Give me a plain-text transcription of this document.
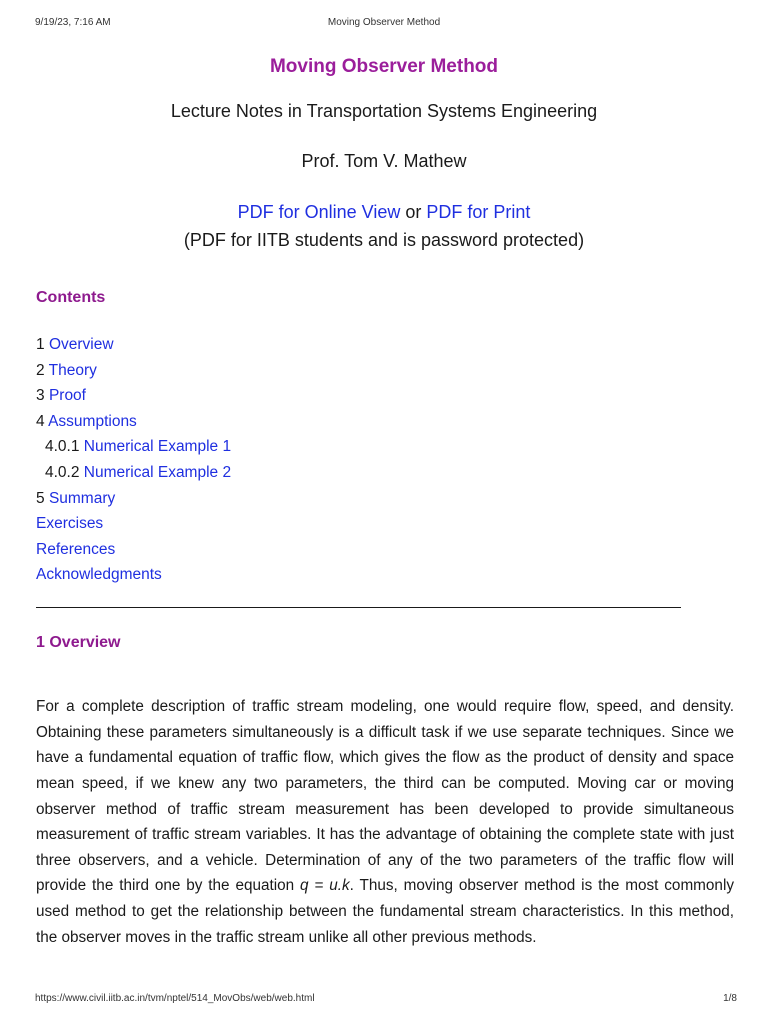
9/19/23, 7:16 AM	Moving Observer Method
Moving Observer Method
Lecture Notes in Transportation Systems Engineering
Prof. Tom V. Mathew
PDF for Online View or PDF for Print
(PDF for IITB students and is password protected)
Contents
1 Overview
2 Theory
3 Proof
4 Assumptions
4.0.1 Numerical Example 1
4.0.2 Numerical Example 2
5 Summary
Exercises
References
Acknowledgments
1 Overview

For a complete description of traffic stream modeling, one would require flow, speed, and density. Obtaining these parameters simultaneously is a difficult task if we use separate techniques. Since we have a fundamental equation of traffic flow, which gives the flow as the product of density and space mean speed, if we knew any two parameters, the third can be computed. Moving car or moving observer method of traffic stream measurement has been developed to provide simultaneous measurement of traffic stream variables. It has the advantage of obtaining the complete state with just three observers, and a vehicle. Determination of any of the two parameters of the traffic flow will provide the third one by the equation q = u.k. Thus, moving observer method is the most commonly used method to get the relationship between the fundamental stream characteristics. In this method, the observer moves in the traffic stream unlike all other previous methods.

https://www.civil.iitb.ac.in/tvm/nptel/514_MovObs/web/web.html	1/8
